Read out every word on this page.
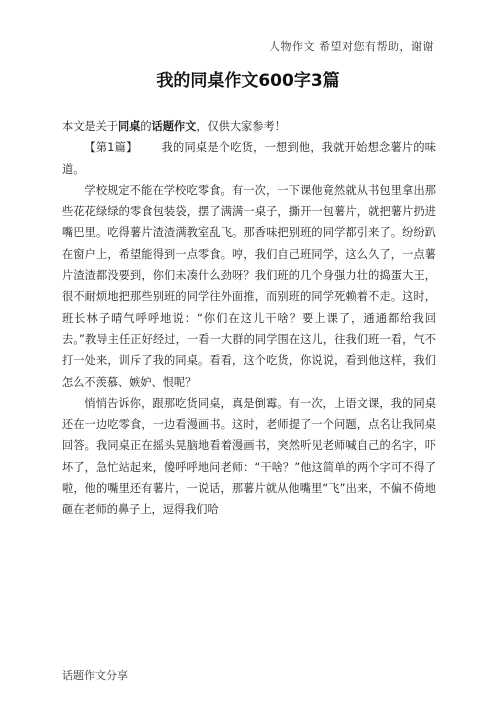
人物作文 希望对您有帮助，谢谢
我的同桌作文600字3篇

本文是关于同桌的话题作文，仅供大家参考！

【第1篇】 我的同桌是个吃货，一想到他，我就开始想念薯片的味道。

学校规定不能在学校吃零食。有一次，一下课他竟然就从书包里拿出那些花花绿绿的零食包装袋，摆了满满一桌子，撕开一包薯片，就把薯片扔进嘴巴里。吃得薯片渣渣满教室乱飞。那香味把别班的同学都引来了。纷纷趴在窗户上，希望能得到一点零食。哼，我们自己班同学，这么久了，一点薯片渣渣都没要到，你们未凑什么劲呀？我们班的几个身强力壮的捣蛋大王，很不耐烦地把那些别班的同学往外面推，而别班的同学死赖着不走。这时，班长林子晴气呼呼地说：“你们在这儿干啥？要上课了，通通都给我回去。”教导主任正好经过，一看一大群的同学围在这儿，往我们班一看，气不打一处来，训斥了我的同桌。看看，这个吃货，你说说，看到他这样，我们怎么不羡慕、嫉妒、恨呢？

悄悄告诉你，跟那吃货同桌，真是倒霉。有一次，上语文课，我的同桌还在一边吃零食，一边看漫画书。这时，老师提了一个问题，点名让我同桌回答。我同桌正在摇头晃脑地看着漫画书，突然听见老师喊自己的名字，吓坏了，急忙站起来，傻呼呼地问老师：“干啥？”他这简单的两个字可不得了啦，他的嘴里还有薯片，一说话，那薯片就从他嘴里“飞”出来，不偏不倚地砸在老师的鼻子上，逗得我们哈

话题作文分享
